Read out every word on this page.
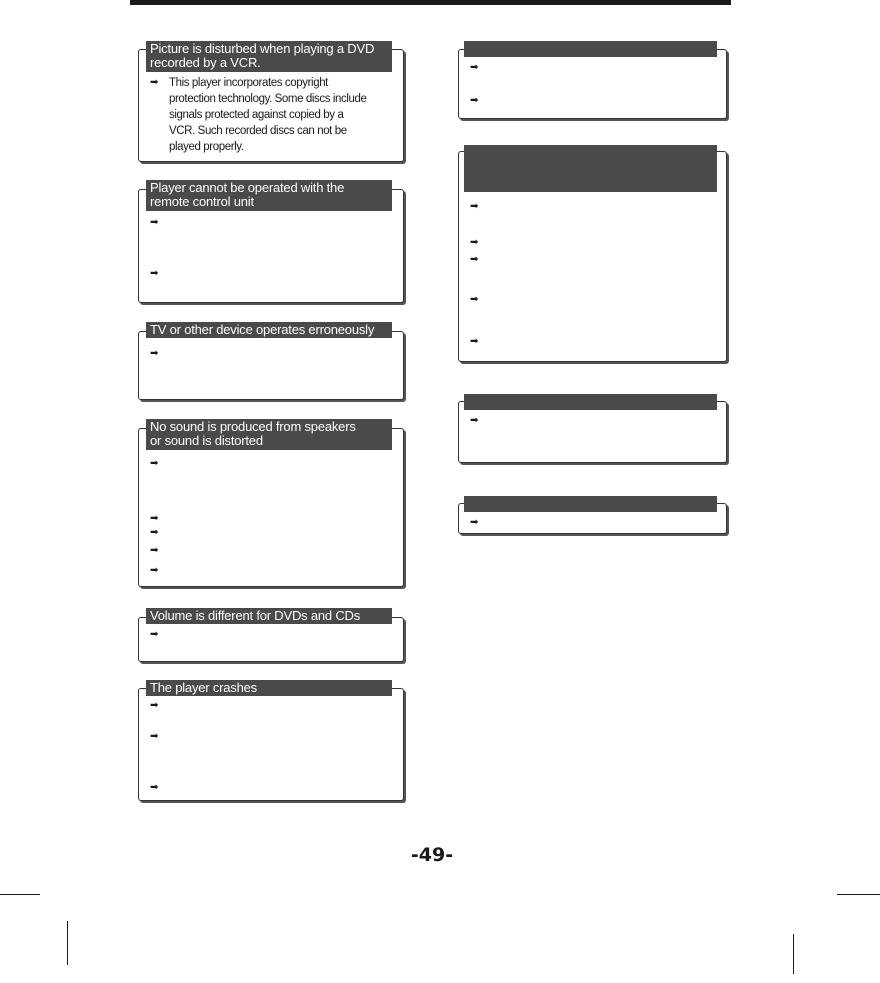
Picture is disturbed when playing a DVD
recorded by a VCR.
➡ This player incorporates copyright
protection technology. Some discs include
signals protected against copied by a
VCR. Such recorded discs can not be
played properly.
Player cannot be operated with the
remote control unit
➡
➡
TV or other device operates erroneously
➡
No sound is produced from speakers
or sound is distorted
➡
➡
➡
➡
➡
Volume is different for DVDs and CDs
➡
The player crashes
➡
➡
➡
➡
➡
➡
➡
➡
➡
➡
➡
➡
-49-
